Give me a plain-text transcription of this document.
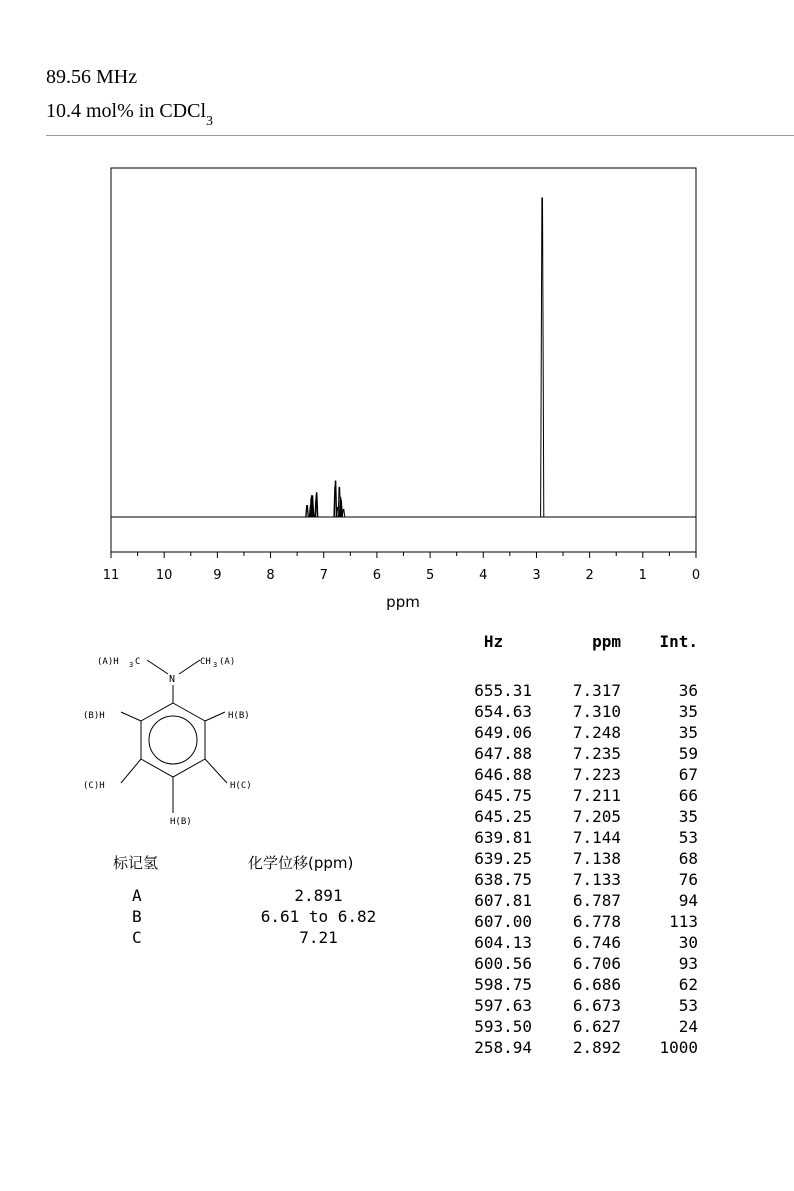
89.56 MHz
10.4 mol% in CDCl$_3$
11	10	9	8	7	6	5	4	3	2	1	0
ppm
(A)H 3 C	CH 3 (A)
N
(B)H	H(B)
(C)H	H(C)
H(B)
Hz	ppm	Int.

655.31	7.317	36
654.63	7.310	35
649.06	7.248	35
647.88	7.235	59
646.88	7.223	67
645.75	7.211	66
645.25	7.205	35
639.81	7.144	53
639.25	7.138	68
638.75	7.133	76
607.81	6.787	94
607.00	6.778	113
604.13	6.746	30
600.56	6.706	93
598.75	6.686	62
597.63	6.673	53
593.50	6.627	24
258.94	2.892	1000
标记氢	化学位移(ppm)
A	2.891
B	6.61 to 6.82
C	7.21
